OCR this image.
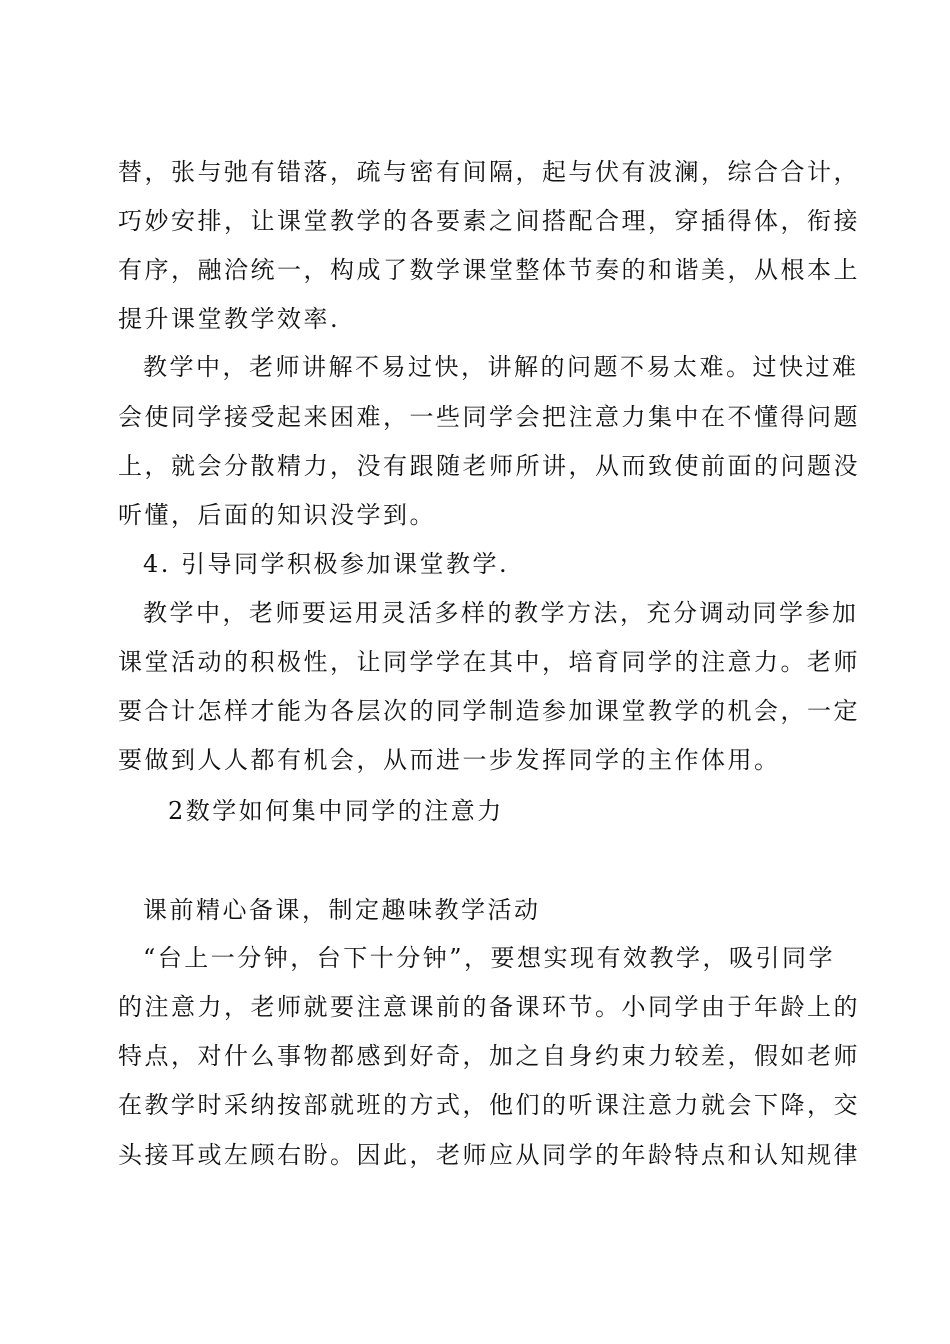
替，张与弛有错落，疏与密有间隔，起与伏有波澜，综合合计，
巧妙安排，让课堂教学的各要素之间搭配合理，穿插得体，衔接
有序，融洽统一，构成了数学课堂整体节奏的和谐美，从根本上
提升课堂教学效率.
教学中，老师讲解不易过快，讲解的问题不易太难。过快过难
会使同学接受起来困难，一些同学会把注意力集中在不懂得问题
上，就会分散精力，没有跟随老师所讲，从而致使前面的问题没
听懂，后面的知识没学到。
4. 引导同学积极参加课堂教学.
教学中，老师要运用灵活多样的教学方法，充分调动同学参加
课堂活动的积极性，让同学学在其中，培育同学的注意力。老师
要合计怎样才能为各层次的同学制造参加课堂教学的机会，一定
要做到人人都有机会，从而进一步发挥同学的主作体用。
2数学如何集中同学的注意力
课前精心备课，制定趣味教学活动
“台上一分钟，台下十分钟”，要想实现有效教学，吸引同学
的注意力，老师就要注意课前的备课环节。小同学由于年龄上的
特点，对什么事物都感到好奇，加之自身约束力较差，假如老师
在教学时采纳按部就班的方式，他们的听课注意力就会下降，交
头接耳或左顾右盼。因此，老师应从同学的年龄特点和认知规律
